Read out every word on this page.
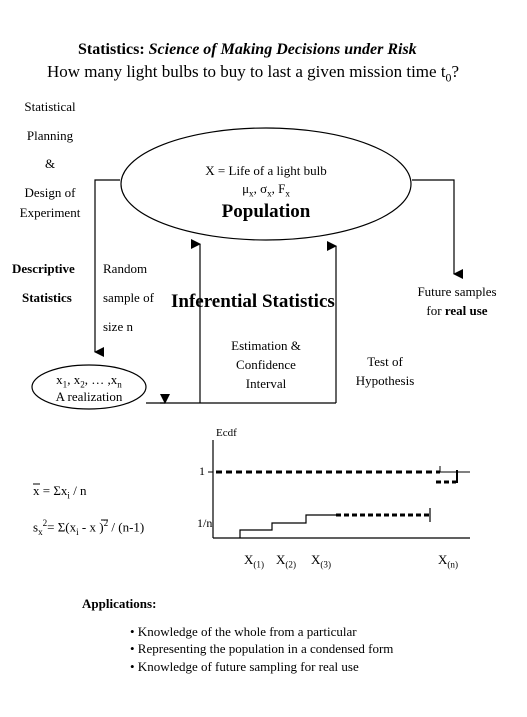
Statistics: Science of Making Decisions under Risk
How many light bulbs to buy to last a given mission time $t_0$?
Statistical
Planning
&
Design of
Experiment
Descriptive
Statistics
X = Life of a light bulb
$\mu_x$, $\sigma_x$, $F_x$
Population
Random
sample of
size n
Inferential Statistics	Future samples
for real use
Estimation &
Confidence
Interval
Test of
Hypothesis
$x_1$, $x_2$, … $,x_n$
A realization
Ecdf
1
1/n
$X_{(1)}$ $X_{(2)}$ $X_{(3)}$	$X_{(n)}$
$x = \Sigma x_i / n$
$s_x^2= \Sigma(x_i - x$ )$^2$ / (n-1)
Applications:
• Knowledge of the whole from a particular
• Representing the population in a condensed form
• Knowledge of future sampling for real use
